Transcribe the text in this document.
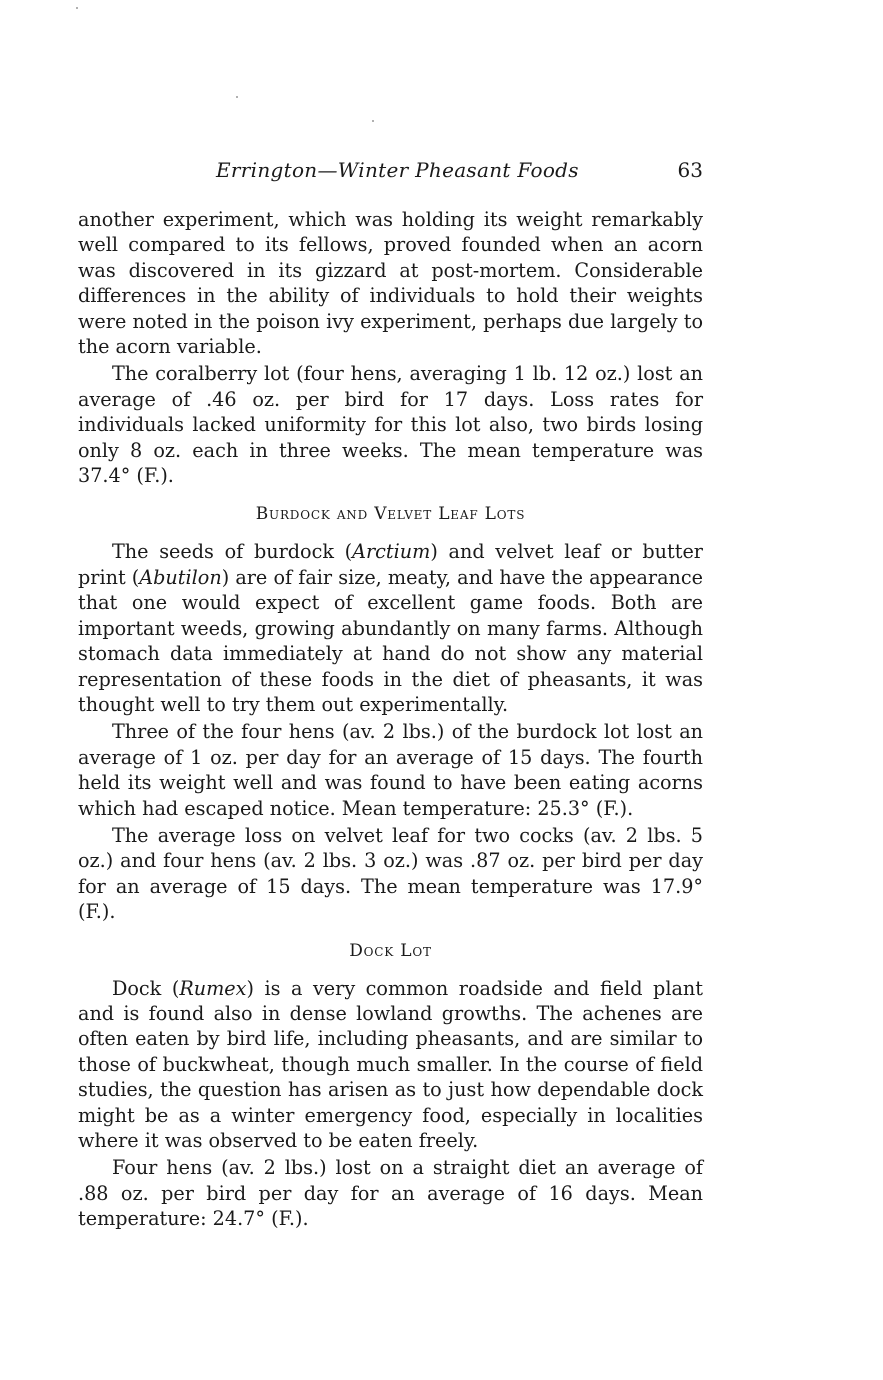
Errington—Winter Pheasant Foods	63

another experiment, which was holding its weight remarkably well compared to its fellows, proved founded when an acorn was discovered in its gizzard at post-mortem. Considerable differences in the ability of individuals to hold their weights were noted in the poison ivy experiment, perhaps due largely to the acorn variable.

The coralberry lot (four hens, averaging 1 lb. 12 oz.) lost an average of .46 oz. per bird for 17 days. Loss rates for individuals lacked uniformity for this lot also, two birds losing only 8 oz. each in three weeks. The mean temperature was 37.4° (F.).

Burdock and Velvet Leaf Lots

The seeds of burdock (Arctium) and velvet leaf or butter print (Abutilon) are of fair size, meaty, and have the appearance that one would expect of excellent game foods. Both are important weeds, growing abundantly on many farms. Although stomach data immediately at hand do not show any material representation of these foods in the diet of pheasants, it was thought well to try them out experimentally.

Three of the four hens (av. 2 lbs.) of the burdock lot lost an average of 1 oz. per day for an average of 15 days. The fourth held its weight well and was found to have been eating acorns which had escaped notice. Mean temperature: 25.3° (F.).

The average loss on velvet leaf for two cocks (av. 2 lbs. 5 oz.) and four hens (av. 2 lbs. 3 oz.) was .87 oz. per bird per day for an average of 15 days. The mean temperature was 17.9° (F.).

Dock Lot

Dock (Rumex) is a very common roadside and field plant and is found also in dense lowland growths. The achenes are often eaten by bird life, including pheasants, and are similar to those of buckwheat, though much smaller. In the course of field studies, the question has arisen as to just how dependable dock might be as a winter emergency food, especially in localities where it was observed to be eaten freely.

Four hens (av. 2 lbs.) lost on a straight diet an average of .88 oz. per bird per day for an average of 16 days. Mean temperature: 24.7° (F.).
